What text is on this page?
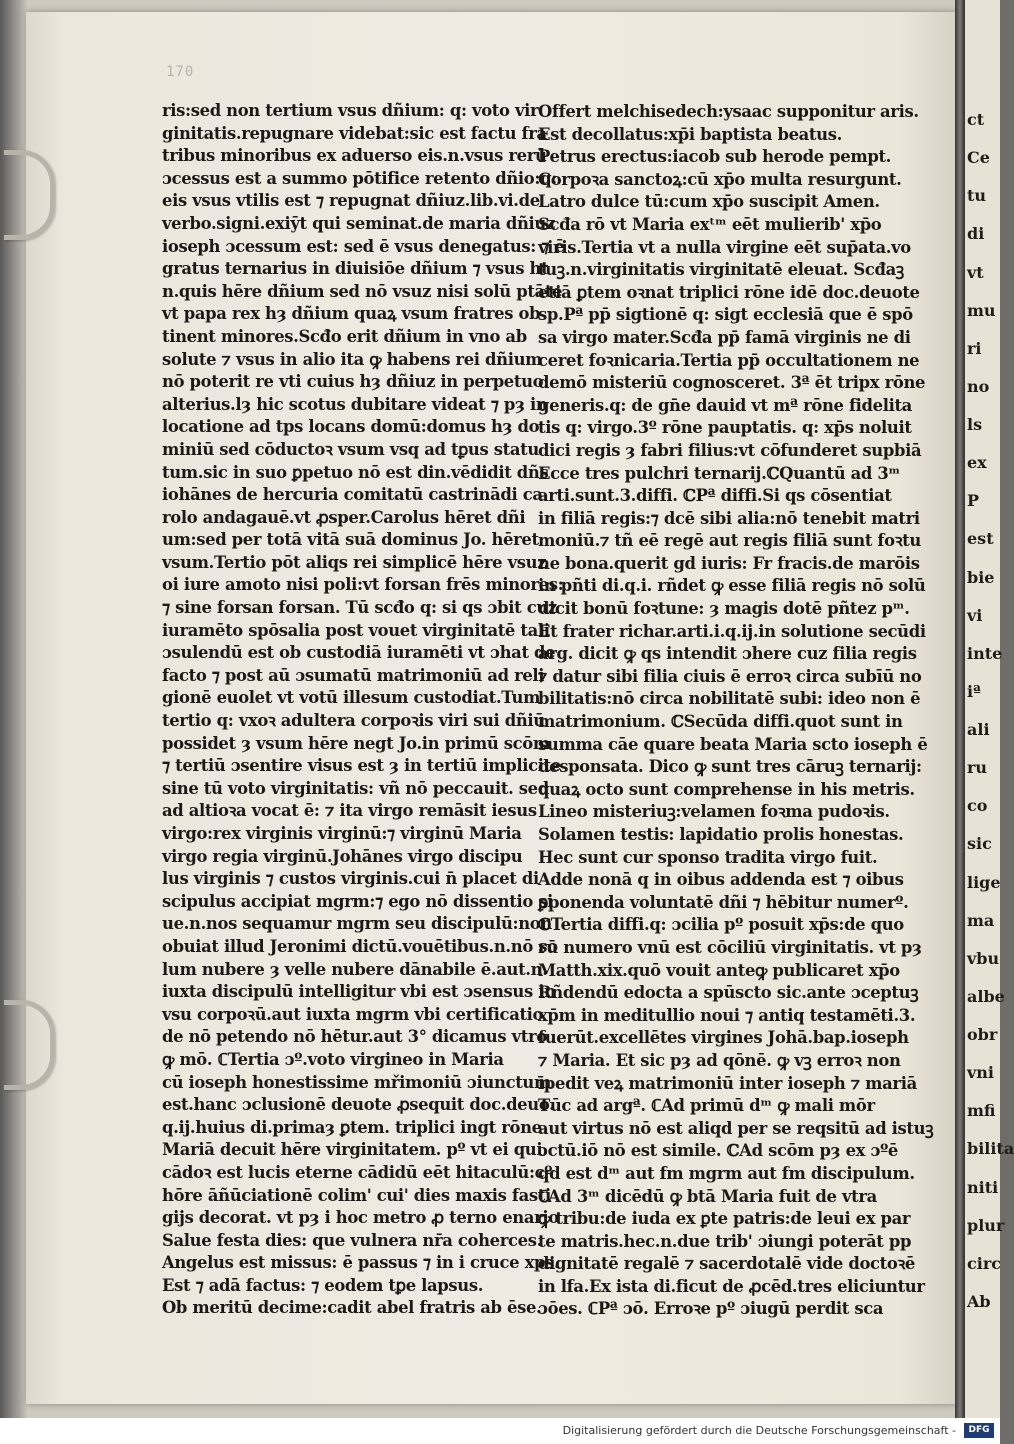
170
ris:sed non tertium vsus dñium: q: voto vir
ginitatis.repugnare videbat:sic est factu fra
tribus minoribus ex aduerso eis.n.vsus rerū
ɔcessus est a summo pōtifice retento dñio:q:
eis vsus vtilis est ⁊ repugnat dñiuz.lib.vi.de
verbo.signi.exiȳt qui seminat.de maria dñiuz
ioseph ɔcessum est: sed ē vsus denegatus: ⁊ ē
gratus ternarius in diuisiōe dñium ⁊ vsus ht
n.quis hēre dñium sed nō vsuz nisi solū ptāte
vt papa rex hȝ dñium quaꝝ vsum fratres ob
tinent minores.Scđo erit dñium in vno ab
solute ⁊ vsus in alio ita ꝙ habens rei dñium
nō poterit re vti cuius hȝ dñiuz in perpetuo
alterius.lȝ hic scotus dubitare videat ⁊ pȝ in
locatione ad tps locans domū:domus hȝ do
miniū sed cōductoꝛ vsum vsq ad tꝑus statu
tum.sic in suo ꝑpetuo nō est din.vēdidit dñs
iohānes de hercuria comitatū castrinādi ca
rolo andagauē.vt ꝓsper.Carolus hēret dñi
um:sed per totā vitā suā dominus Jo. hēret
vsum.Tertio pōt aliqs rei simplicē hēre vsuz
oi iure amoto nisi poli:vt forsan frēs minores:
⁊ sine forsan forsan. Tū scđo q: si qs ɔbit cuz
iuramēto spōsalia post vouet virginitatē tali
ɔsulendū est ob custodiā iuramēti vt ɔhat de
facto ⁊ post aū ɔsumatū matrimoniū ad reli
gionē euolet vt votū illesum custodiat.Tum
tertio q: vxoꝛ adultera corpoꝛis viri sui dñiū
possidet ȝ vsum hēre negt Jo.in primū scōm
⁊ tertiū ɔsentire visus est ȝ in tertiū implicite
sine tū voto virginitatis: vñ nō peccauit. sed
ad altioꝛa vocat ē: ⁊ ita virgo remāsit iesus
virgo:rex virginis virginū:⁊ virginū Maria
virgo regia virginū.Johānes virgo discipu
lus virginis ⁊ custos virginis.cui n̄ placet di
scipulus accipiat mgrm:⁊ ego nō dissentio si
ue.n.nos sequamur mgrm seu discipulū:non
obuiat illud Jeronimi dictū.vouētibus.n.nō so
lum nubere ȝ velle nubere dānabile ē.aut.n.
iuxta discipulū intelligitur vbi est ɔsensus in
vsu corpoꝛū.aut iuxta mgrm vbi certificatio
de nō petendo nō hētur.aut 3° dicamus vtro
ꝙ mō. ℂTertia ɔº.voto virgineo in Maria
cū ioseph honestissime mřimoniū ɔiunctum
est.hanc ɔclusionē deuote ꝓsequit doc.deuo.
q.ij.huius di.primaȝ ꝑtem. triplici ingt rōne
Mariā decuit hēre virginitatem. pº vt ei qui
cādoꝛ est lucis eterne cādidū eēt hitaculū:cº
hōre āñūciationē colim' cui' dies maxis fasti
gijs decorat. vt pȝ i hoc metro ꝓ terno enario
Salue festa dies: que vulnera nr̄a coherces.
Angelus est missus: ē passus ⁊ in i cruce xps.
Est ⁊ adā factus: ⁊ eodem tꝑe lapsus.
Ob meritū decime:cadit abel fratris ab ēse.
Offert melchisedech:ysaac supponitur aris.
Est decollatus:xp̄i baptista beatus.
Petrus erectus:iacob sub herode pempt.
Corpoꝛa sanctoꝝ:cū xp̄o multa resurgunt.
Latro dulce tū:cum xp̄o suscipit Amen.
Scđa rō vt Maria exᵗᵐ eēt mulierib' xp̄o
viris.Tertia vt a nulla virgine eēt sup̄ata.vo
tuꝫ.n.virginitatis virginitatē eleuat. Scđaꝫ
etiā ꝑtem oꝛnat triplici rōne idē doc.deuote
sp.Pª pp̄ sigtionē q: sigt ecclesiā que ē spō
sa virgo mater.Scđa pp̄ famā virginis ne di
ceret foꝛnicaria.Tertia pp̄ occultationem ne
demō misteriū cognosceret. 3ª ēt tripx rōne
generis.q: de gn̄e dauid vt mª rōne fidelita
tis q: virgo.3º rōne pauptatis. q: xp̄s noluit
dici regis ȝ fabri filius:vt cōfunderet supbiā
Ecce tres pulchri ternarij.ℂQuantū ad 3ᵐ
arti.sunt.3.diffi. ℂPª diffi.Si qs cōsentiat
in filiā regis:⁊ dcē sibi alia:nō tenebit matri
moniū.⁊ tñ eē regē aut regis filiā sunt foꝛtu
ne bona.querit gd iuris: Fr fracis.de marōis
in pñti di.q.i. rñdet ꝙ esse filiā regis nō solū
dicit bonū foꝛtune: ȝ magis dotē pñtez pᵐ.
Et frater richar.arti.i.q.ij.in solutione secūdi
arg. dicit ꝙ qs intendit ɔhere cuz filia regis
⁊ datur sibi filia ciuis ē erroꝛ circa subīū no
bilitatis:nō circa nobilitatē subi: ideo non ē
matrimonium. ℂSecūda diffi.quot sunt in
summa cāe quare beata Maria scto ioseph ē
desponsata. Dico ꝙ sunt tres cāruꝫ ternarij:
quaꝝ octo sunt comprehense in his metris.
Lineo misteriuꝫ:velamen foꝛma pudoꝛis.
Solamen testis: lapidatio prolis honestas.
Hec sunt cur sponso tradita virgo fuit.
Adde nonā q in oibus addenda est ⁊ oibus
ꝑponenda voluntatē dñi ⁊ hēbitur numerº.
ℂTertia diffi.q: ɔcilia pº posuit xp̄s:de quo
rū numero vnū est cōciliū virginitatis. vt pȝ
Matth.xix.quō vouit anteꝙ publicaret xp̄o
Rñdendū edocta a spūscto sic.ante ɔceptuꝫ
xp̄m in meditullio noui ⁊ antiq testamēti.3.
fuerūt.excellētes virgines Johā.bap.ioseph
⁊ Maria. Et sic pȝ ad qōnē. ꝙ vꝫ erroꝛ non
īpedit veꝝ matrimoniū inter ioseph ⁊ mariā
Tūc ad argª. ℂAd primū dᵐ ꝙ mali mōr
aut virtus nō est aliqd per se reqsitū ad istuꝫ
ɔctū.iō nō est simile. ℂAd scōm pȝ ex ɔºē
qd est dᵐ aut fm mgrm aut fm discipulum.
ℂAd 3ᵐ dicēdū ꝙ btā Maria fuit de vtra
ꝙ tribu:de iuda ex ꝑte patris:de leui ex par
te matris.hec.n.due trib' ɔiungi poterāt pp
dignitatē regalē ⁊ sacerdotalē vide doctoꝛē
in lfa.Ex ista di.ficut de ꝓcēd.tres eliciuntur
ɔōes. ℂPª ɔō. Erroꝛe pº ɔiugū perdit sca
ct
Ce
tu
di
vt
mu
ri
no
ls
ex
P
est
bie
vi
inte
iª
ali
ru
co
sic
lige
ma
vbu
albe
obr
vni
mfi
bilita
niti
plur
circ
Ab
Digitalisierung gefördert durch die Deutsche Forschungsgemeinschaft -	DFG
